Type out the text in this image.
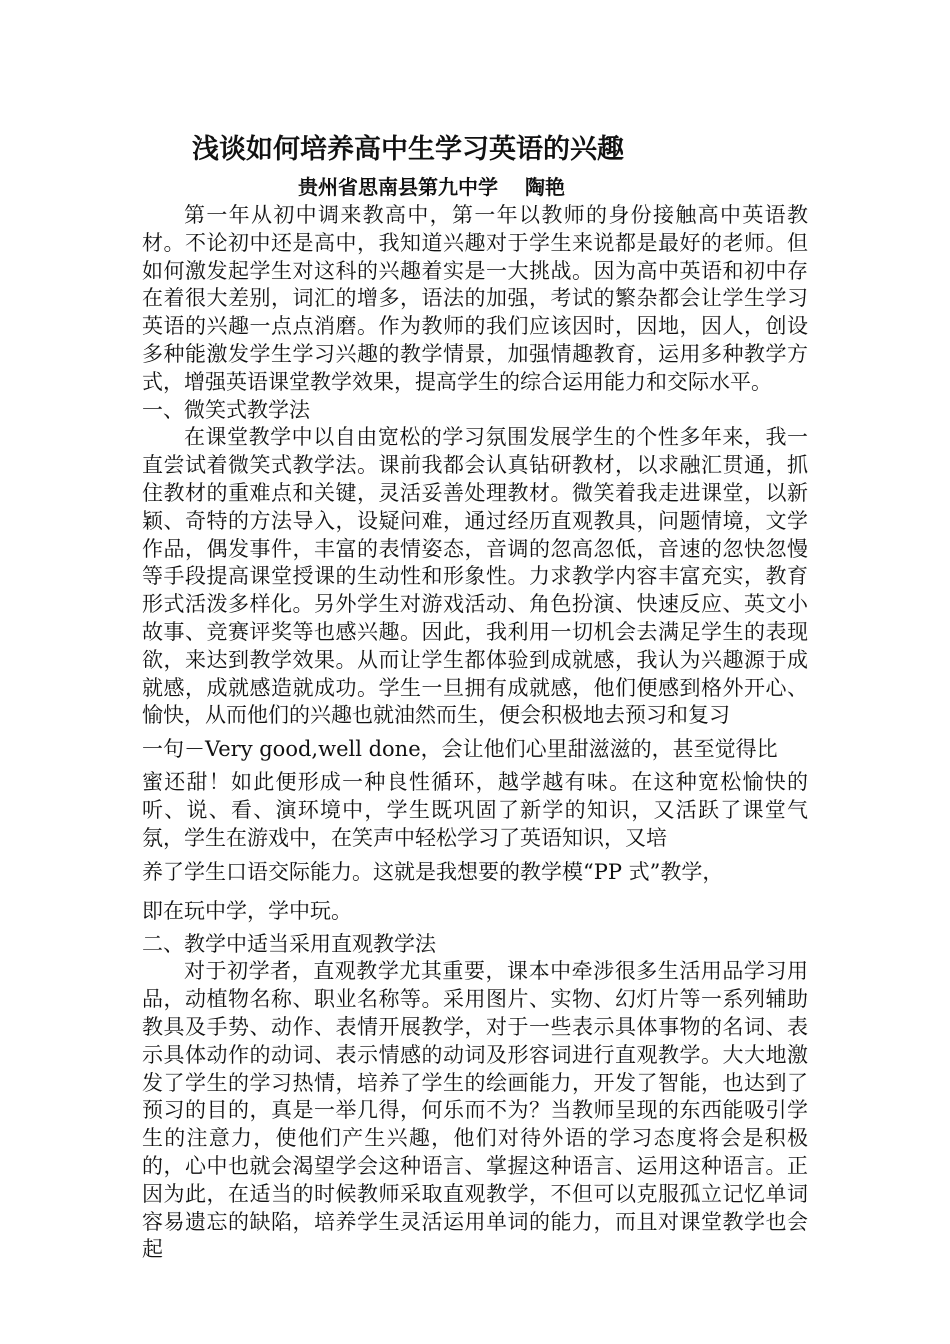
浅谈如何培养高中生学习英语的兴趣

贵州省思南县第九中学　 陶艳

第一年从初中调来教高中，第一年以教师的身份接触高中英语教材。不论初中还是高中，我知道兴趣对于学生来说都是最好的老师。但如何激发起学生对这科的兴趣着实是一大挑战。因为高中英语和初中存在着很大差别，词汇的增多，语法的加强，考试的繁杂都会让学生学习英语的兴趣一点点消磨。作为教师的我们应该因时，因地，因人，创设多种能激发学生学习兴趣的教学情景，加强情趣教育，运用多种教学方式，增强英语课堂教学效果，提高学生的综合运用能力和交际水平。

一、微笑式教学法

在课堂教学中以自由宽松的学习氛围发展学生的个性多年来，我一直尝试着微笑式教学法。课前我都会认真钻研教材，以求融汇贯通，抓住教材的重难点和关键，灵活妥善处理教材。微笑着我走进课堂，以新颖、奇特的方法导入，设疑问难，通过经历直观教具，问题情境，文学作品，偶发事件，丰富的表情姿态，音调的忽高忽低，音速的忽快忽慢等手段提高课堂授课的生动性和形象性。力求教学内容丰富充实，教育形式活泼多样化。另外学生对游戏活动、角色扮演、快速反应、英文小故事、竞赛评奖等也感兴趣。因此，我利用一切机会去满足学生的表现欲，来达到教学效果。从而让学生都体验到成就感，我认为兴趣源于成就感，成就感造就成功。学生一旦拥有成就感，他们便感到格外开心、愉快，从而他们的兴趣也就油然而生，便会积极地去预习和复习

一句－Very good,well done，会让他们心里甜滋滋的，甚至觉得比

蜜还甜！如此便形成一种良性循环，越学越有味。在这种宽松愉快的听、说、看、演环境中，学生既巩固了新学的知识，又活跃了课堂气氛，学生在游戏中，在笑声中轻松学习了英语知识，又培

养了学生口语交际能力。这就是我想要的教学模“PP 式”教学，

即在玩中学，学中玩。

二、教学中适当采用直观教学法

对于初学者，直观教学尤其重要，课本中牵涉很多生活用品学习用品，动植物名称、职业名称等。采用图片、实物、幻灯片等一系列辅助教具及手势、动作、表情开展教学，对于一些表示具体事物的名词、表示具体动作的动词、表示情感的动词及形容词进行直观教学。大大地激发了学生的学习热情，培养了学生的绘画能力，开发了智能，也达到了预习的目的，真是一举几得，何乐而不为？当教师呈现的东西能吸引学生的注意力，使他们产生兴趣，他们对待外语的学习态度将会是积极的，心中也就会渴望学会这种语言、掌握这种语言、运用这种语言。正因为此，在适当的时候教师采取直观教学，不但可以克服孤立记忆单词容易遗忘的缺陷，培养学生灵活运用单词的能力，而且对课堂教学也会起
